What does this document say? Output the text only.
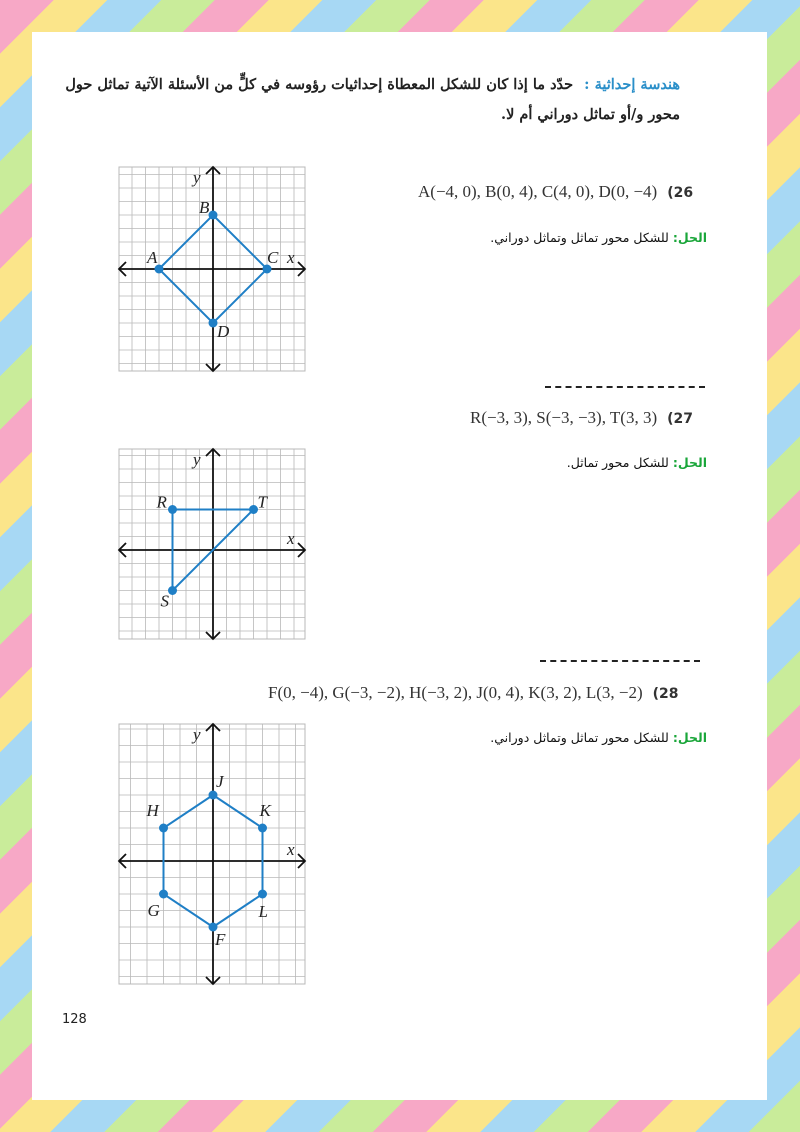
هندسة إحداثية : حدّد ما إذا كان للشكل المعطاة إحداثيات رؤوسه في كلٍّ من الأسئلة الآتية تماثل حول محور و/أو تماثل دوراني أم لا.
A(−4, 0), B(0, 4), C(4, 0), D(0, −4) (26
الحل:للشكل محور تماثل وتماثل دوراني.
x
y
A
B
C
D
R(−3, 3), S(−3, −3), T(3, 3) (27
الحل:للشكل محور تماثل.
x
y
R
S
T
F(0, −4), G(−3, −2), H(−3, 2), J(0, 4), K(3, 2), L(3, −2) (28
الحل:للشكل محور تماثل وتماثل دوراني.
x
y
F
G
H
J
K
L
128
